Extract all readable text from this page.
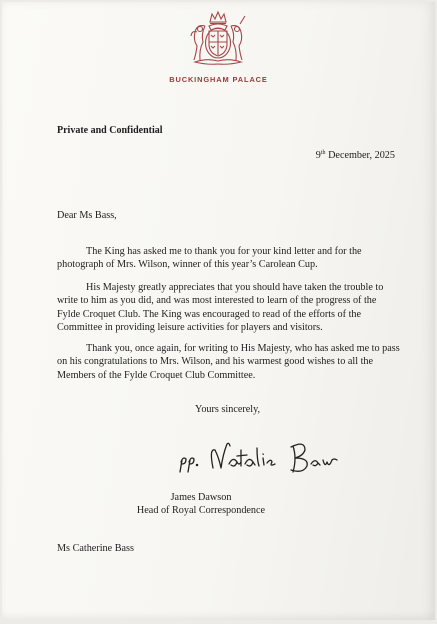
BUCKINGHAM PALACE
Private and Confidential
9th December, 2025
Dear Ms Bass,

The King has asked me to thank you for your kind letter and for the photograph of Mrs. Wilson, winner of this year’s Carolean Cup.

His Majesty greatly appreciates that you should have taken the trouble to write to him as you did, and was most interested to learn of the progress of the Fylde Croquet Club. The King was encouraged to read of the efforts of the Committee in providing leisure activities for players and visitors.

Thank you, once again, for writing to His Majesty, who has asked me to pass on his congratulations to Mrs. Wilson, and his warmest good wishes to all the Members of the Fylde Croquet Club Committee.

Yours sincerely,
James Dawson
Head of Royal Correspondence
Ms Catherine Bass
